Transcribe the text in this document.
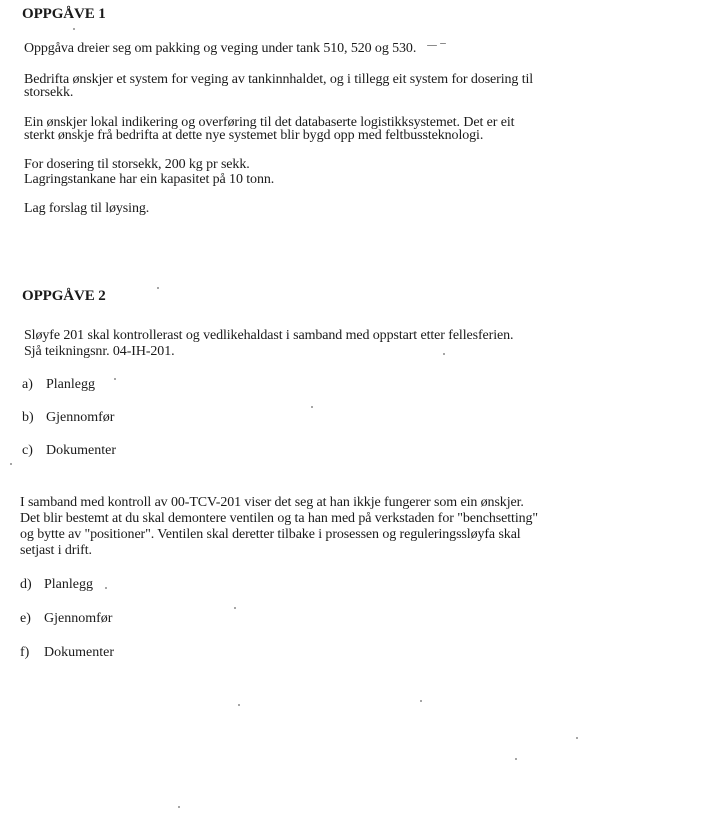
OPPGÅVE 1
Oppgåva dreier seg om pakking og veging under tank 510, 520 og 530.
Bedrifta ønskjer et system for veging av tankinnhaldet, og i tillegg eit system for dosering til
storsekk.
Ein ønskjer lokal indikering og overføring til det databaserte logistikksystemet. Det er eit
sterkt ønskje frå bedrifta at dette nye systemet blir bygd opp med feltbussteknologi.
For dosering til storsekk, 200 kg pr sekk.
Lagringstankane har ein kapasitet på 10 tonn.
Lag forslag til løysing.
OPPGÅVE 2
Sløyfe 201 skal kontrollerast og vedlikehaldast i samband med oppstart etter fellesferien.
Sjå teikningsnr. 04-IH-201.
a) Planlegg
b) Gjennomfør
c) Dokumenter
I samband med kontroll av 00-TCV-201 viser det seg at han ikkje fungerer som ein ønskjer.
Det blir bestemt at du skal demontere ventilen og ta han med på verkstaden for "benchsetting"
og bytte av "positioner". Ventilen skal deretter tilbake i prosessen og reguleringssløyfa skal
setjast i drift.
d) Planlegg
e) Gjennomfør
f) Dokumenter
